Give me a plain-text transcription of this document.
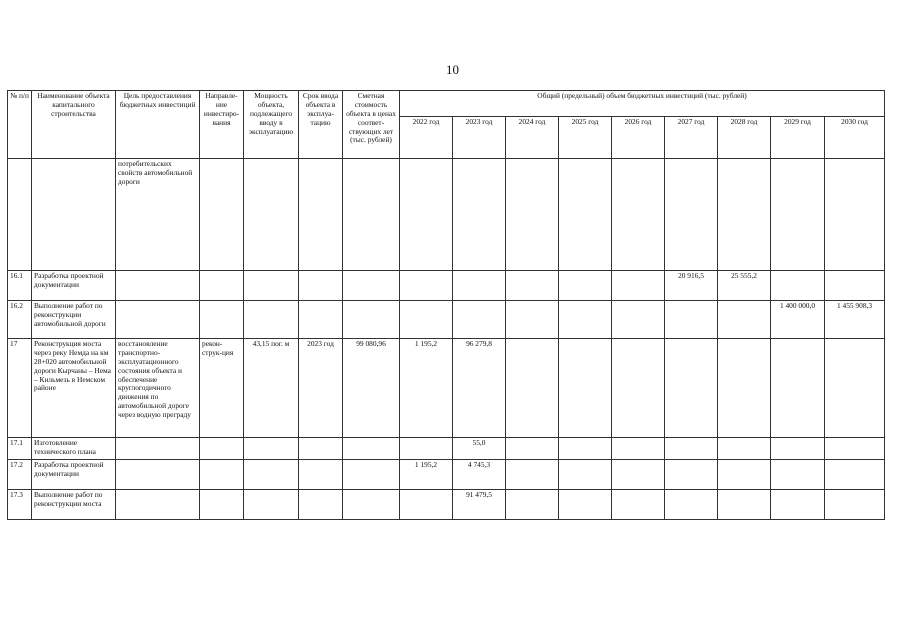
10
№ п/п	Наименование объекта капитального строительства	Цель предоставления бюджетных инвестиций	Направле-ние инвестиро-вания	Мощность объекта, подлежащего вводу в эксплуатацию	Срок ввода объекта в эксплуа-тацию	Сметная стоимость объекта в ценах соответ-ствующих лет (тыс. рублей)	Общий (предельный) объем бюджетных инвестиций (тыс. рублей)								
							2022 год	2023 год	2024 год	2025 год	2026 год	2027 год	2028 год	2029 год	2030 год
		потребительских свойств автомобильной дороги													
16.1	Разработка проектной документации											20 916,5	25 555,2		
16.2	Выполнение работ по реконструкции автомобильной дороги													1 400 000,0	1 455 908,3
17	Реконструкция моста через реку Немда на км 28+020 автомобильной дороги Кырчаны – Нема – Кильмезь в Немском районе	восстановление транспортно-эксплуатационного состояния объекта и обеспечение круглогодичного движения по автомобильной дороге через водную преграду	рекон-струк-ция	43,15 пог. м	2023 год	99 080,96	1 195,2	96 279,8							
17.1	Изготовление технического плана							55,0							
17.2	Разработка проектной документации						1 195,2	4 745,3							
17.3	Выполнение работ по реконструкции моста							91 479,5							
